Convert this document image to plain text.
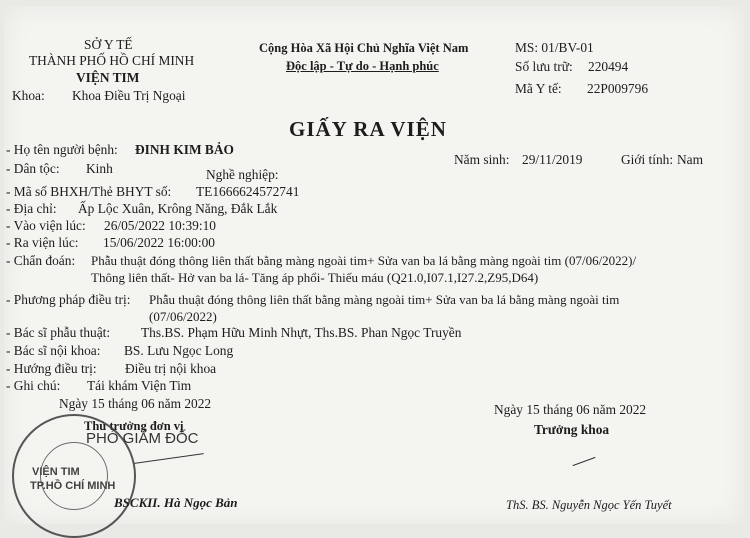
SỞ Y TẾ
THÀNH PHỐ HỒ CHÍ MINH
VIỆN TIM
Khoa: Khoa Điều Trị Ngoại
Cộng Hòa Xã Hội Chủ Nghĩa Việt Nam
Độc lập - Tự do - Hạnh phúc
MS: 01/BV-01
Số lưu trữ: 220494
Mã Y tế: 22P009796
GIẤY RA VIỆN
- Họ tên người bệnh: ĐINH KIM BẢO
Năm sinh: 29/11/2019	Giới tính: Nam
- Dân tộc: Kinh	Nghề nghiệp:
- Mã số BHXH/Thẻ BHYT số: TE1666624572741
- Địa chỉ: Ấp Lộc Xuân, Krông Năng, Đắk Lắk
- Vào viện lúc: 26/05/2022 10:39:10
- Ra viện lúc: 15/06/2022 16:00:00
- Chẩn đoán: Phẫu thuật đóng thông liên thất bằng màng ngoài tim+ Sửa van ba lá bằng màng ngoài tim (07/06/2022)/
Thông liên thất- Hở van ba lá- Tăng áp phổi- Thiếu máu (Q21.0,I07.1,I27.2,Z95,D64)
- Phương pháp điều trị: Phẫu thuật đóng thông liên thất bằng màng ngoài tim+ Sửa van ba lá bằng màng ngoài tim
(07/06/2022)
- Bác sĩ phẫu thuật: Ths.BS. Phạm Hữu Minh Nhựt, Ths.BS. Phan Ngọc Truyền
- Bác sĩ nội khoa: BS. Lưu Ngọc Long
- Hướng điều trị: Điều trị nội khoa
- Ghi chú: Tái khám Viện Tim
Ngày 15 tháng 06 năm 2022
Thủ trưởng đơn vị
PHÓ GIÁM ĐỐC
VIỆN TIM
TP.HỒ CHÍ MINH
BSCKII. Hà Ngọc Bản
Ngày 15 tháng 06 năm 2022
Trưởng khoa
ThS. BS. Nguyễn Ngọc Yến Tuyết
